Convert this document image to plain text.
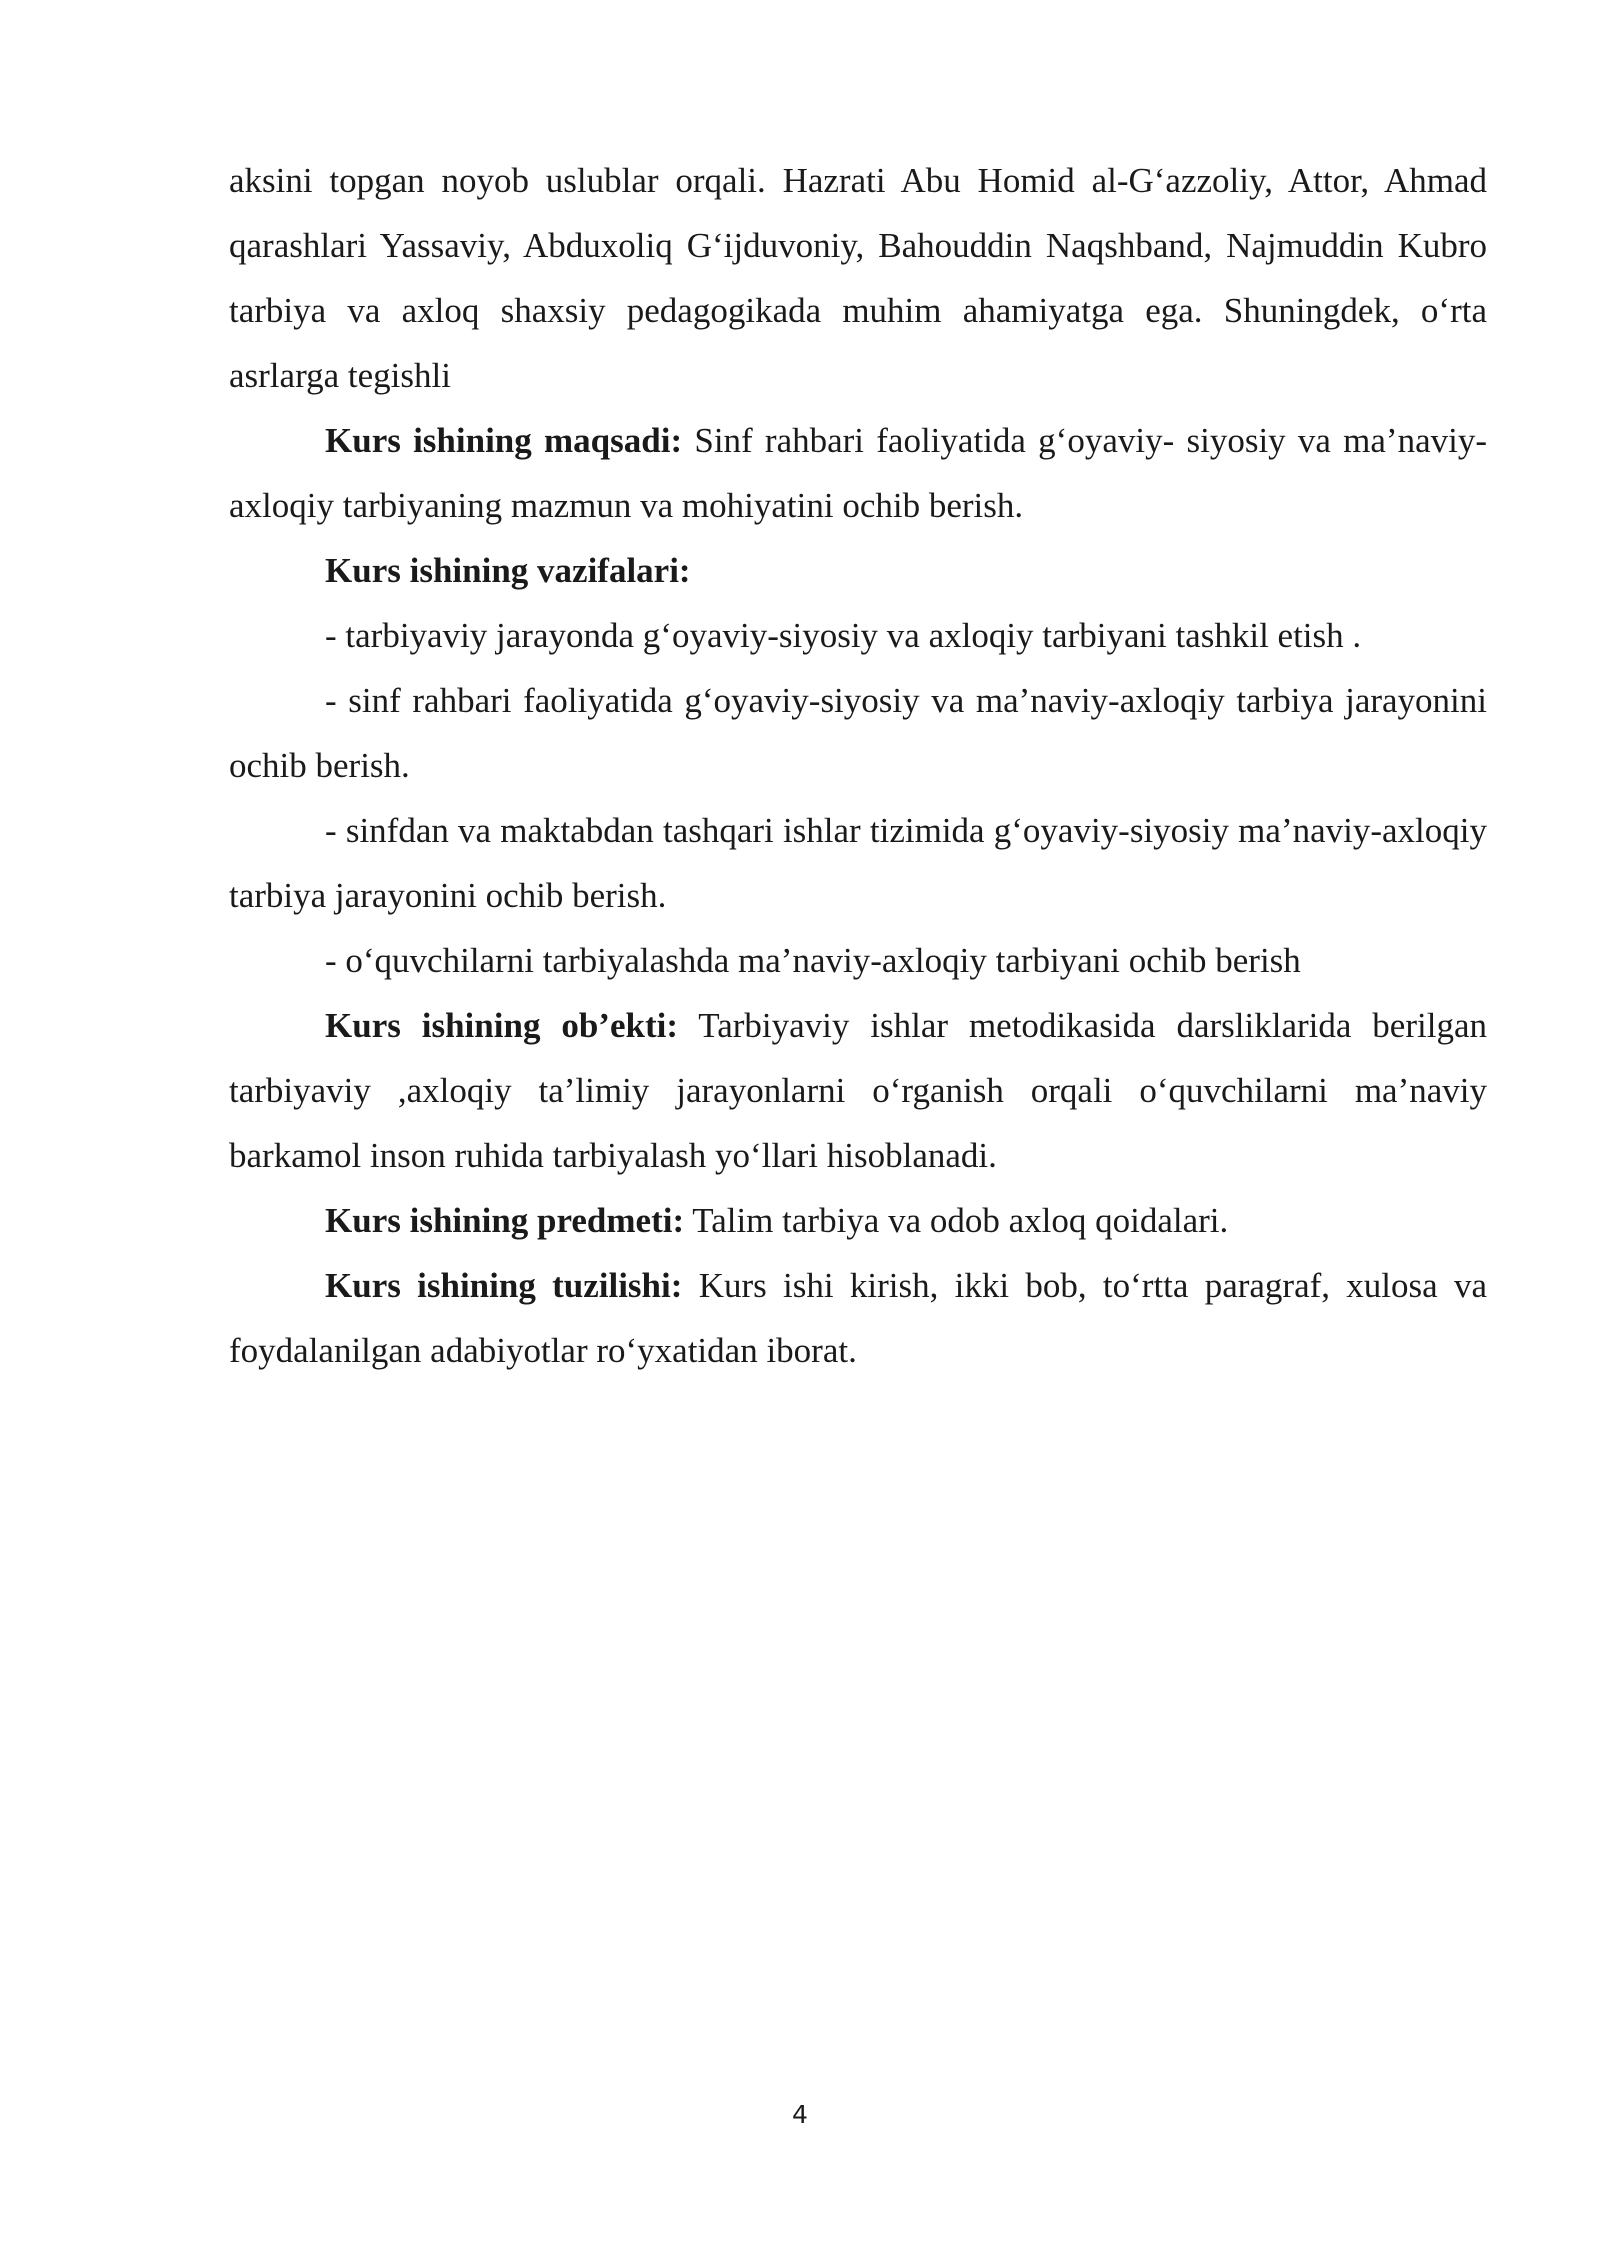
aksini topgan noyob uslublar orqali. Hazrati Abu Homid al-G‘azzoliy, Attor, Ahmad qarashlari Yassaviy, Abduxoliq G‘ijduvoniy, Bahouddin Naqshband, Najmuddin Kubro tarbiya va axloq shaxsiy pedagogikada muhim ahamiyatga ega. Shuningdek, o‘rta asrlarga tegishli

Kurs ishining maqsadi: Sinf rahbari faoliyatida g‘oyaviy- siyosiy va ma’naviy- axloqiy tarbiyaning mazmun va mohiyatini ochib berish.

Kurs ishining vazifalari:

- tarbiyaviy jarayonda g‘oyaviy-siyosiy va axloqiy tarbiyani tashkil etish .

- sinf rahbari faoliyatida g‘oyaviy-siyosiy va ma’naviy-axloqiy tarbiya jarayonini ochib berish.

- sinfdan va maktabdan tashqari ishlar tizimida g‘oyaviy-siyosiy ma’naviy-axloqiy tarbiya jarayonini ochib berish.

- o‘quvchilarni tarbiyalashda ma’naviy-axloqiy tarbiyani ochib berish

Kurs ishining ob’ekti: Tarbiyaviy ishlar metodikasida darsliklarida berilgan tarbiyaviy ,axloqiy ta’limiy jarayonlarni o‘rganish orqali o‘quvchilarni ma’naviy barkamol inson ruhida tarbiyalash yo‘llari hisoblanadi.

Kurs ishining predmeti: Talim tarbiya va odob axloq qoidalari.

Kurs ishining tuzilishi: Kurs ishi kirish, ikki bob, to‘rtta paragraf, xulosa va foydalanilgan adabiyotlar ro‘yxatidan iborat.

4
